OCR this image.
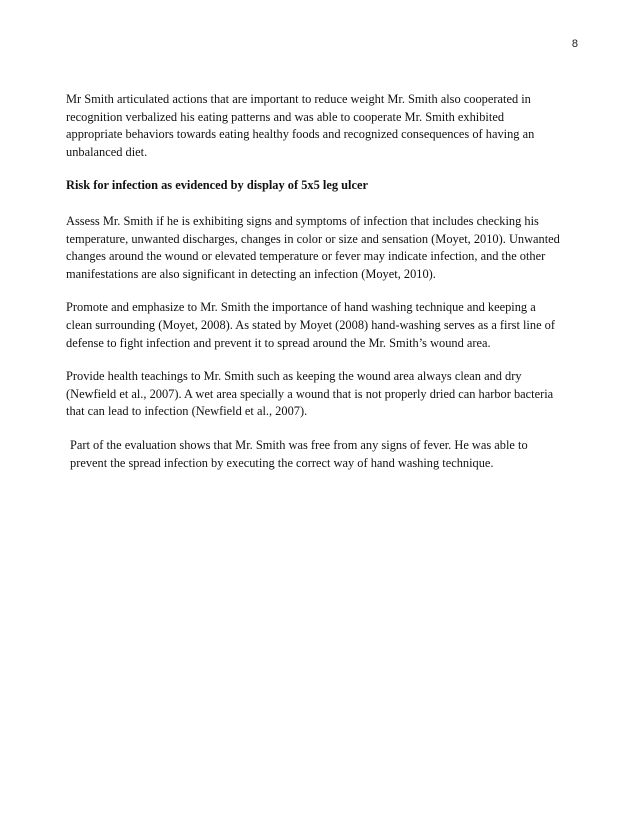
8

Mr Smith articulated actions that are important to reduce weight Mr. Smith also cooperated in
recognition verbalized his eating patterns and was able to cooperate Mr. Smith exhibited
appropriate behaviors towards eating healthy foods and recognized consequences of having an
unbalanced diet.

Risk for infection as evidenced by display of 5x5 leg ulcer

Assess Mr. Smith if he is exhibiting signs and symptoms of infection that includes checking his
temperature, unwanted discharges, changes in color or size and sensation (Moyet, 2010). Unwanted
changes around the wound or elevated temperature or fever may indicate infection, and the other
manifestations are also significant in detecting an infection (Moyet, 2010).

Promote and emphasize to Mr. Smith the importance of hand washing technique and keeping a
clean surrounding (Moyet, 2008). As stated by Moyet (2008) hand-washing serves as a first line of
defense to fight infection and prevent it to spread around the Mr. Smith’s wound area.

Provide health teachings to Mr. Smith such as keeping the wound area always clean and dry
(Newfield et al., 2007). A wet area specially a wound that is not properly dried can harbor bacteria
that can lead to infection (Newfield et al., 2007).

Part of the evaluation shows that Mr. Smith was free from any signs of fever. He was able to
prevent the spread infection by executing the correct way of hand washing technique.
